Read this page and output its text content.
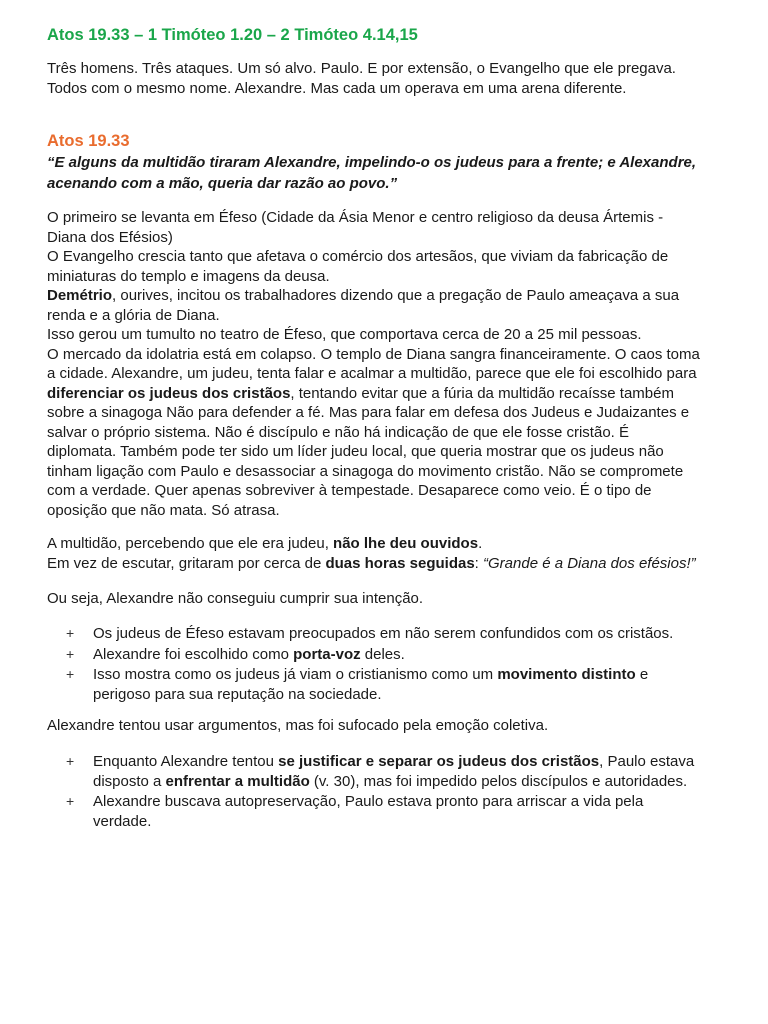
Atos 19.33 – 1 Timóteo 1.20 – 2 Timóteo 4.14,15

Três homens. Três ataques. Um só alvo. Paulo. E por extensão, o Evangelho que ele pregava.
Todos com o mesmo nome. Alexandre. Mas cada um operava em uma arena diferente.

Atos 19.33

“E alguns da multidão tiraram Alexandre, impelindo-o os judeus para a frente; e Alexandre,
acenando com a mão, queria dar razão ao povo.”

O primeiro se levanta em Éfeso (Cidade da Ásia Menor e centro religioso da deusa Ártemis -
Diana dos Efésios)
O Evangelho crescia tanto que afetava o comércio dos artesãos, que viviam da fabricação de
miniaturas do templo e imagens da deusa.
Demétrio, ourives, incitou os trabalhadores dizendo que a pregação de Paulo ameaçava a sua
renda e a glória de Diana.
Isso gerou um tumulto no teatro de Éfeso, que comportava cerca de 20 a 25 mil pessoas.
O mercado da idolatria está em colapso. O templo de Diana sangra financeiramente. O caos toma
a cidade. Alexandre, um judeu, tenta falar e acalmar a multidão, parece que ele foi escolhido para
diferenciar os judeus dos cristãos, tentando evitar que a fúria da multidão recaísse também
sobre a sinagoga Não para defender a fé. Mas para falar em defesa dos Judeus e Judaizantes e
salvar o próprio sistema. Não é discípulo e não há indicação de que ele fosse cristão. É
diplomata. Também pode ter sido um líder judeu local, que queria mostrar que os judeus não
tinham ligação com Paulo e desassociar a sinagoga do movimento cristão. Não se compromete
com a verdade. Quer apenas sobreviver à tempestade. Desaparece como veio. É o tipo de
oposição que não mata. Só atrasa.

A multidão, percebendo que ele era judeu, não lhe deu ouvidos.
Em vez de escutar, gritaram por cerca de duas horas seguidas: “Grande é a Diana dos efésios!”

Ou seja, Alexandre não conseguiu cumprir sua intenção.

+ Os judeus de Éfeso estavam preocupados em não serem confundidos com os cristãos.
+ Alexandre foi escolhido como porta-voz deles.
+ Isso mostra como os judeus já viam o cristianismo como um movimento distinto e
perigoso para sua reputação na sociedade.

Alexandre tentou usar argumentos, mas foi sufocado pela emoção coletiva.

+ Enquanto Alexandre tentou se justificar e separar os judeus dos cristãos, Paulo estava
disposto a enfrentar a multidão (v. 30), mas foi impedido pelos discípulos e autoridades.
+ Alexandre buscava autopreservação, Paulo estava pronto para arriscar a vida pela
verdade.
